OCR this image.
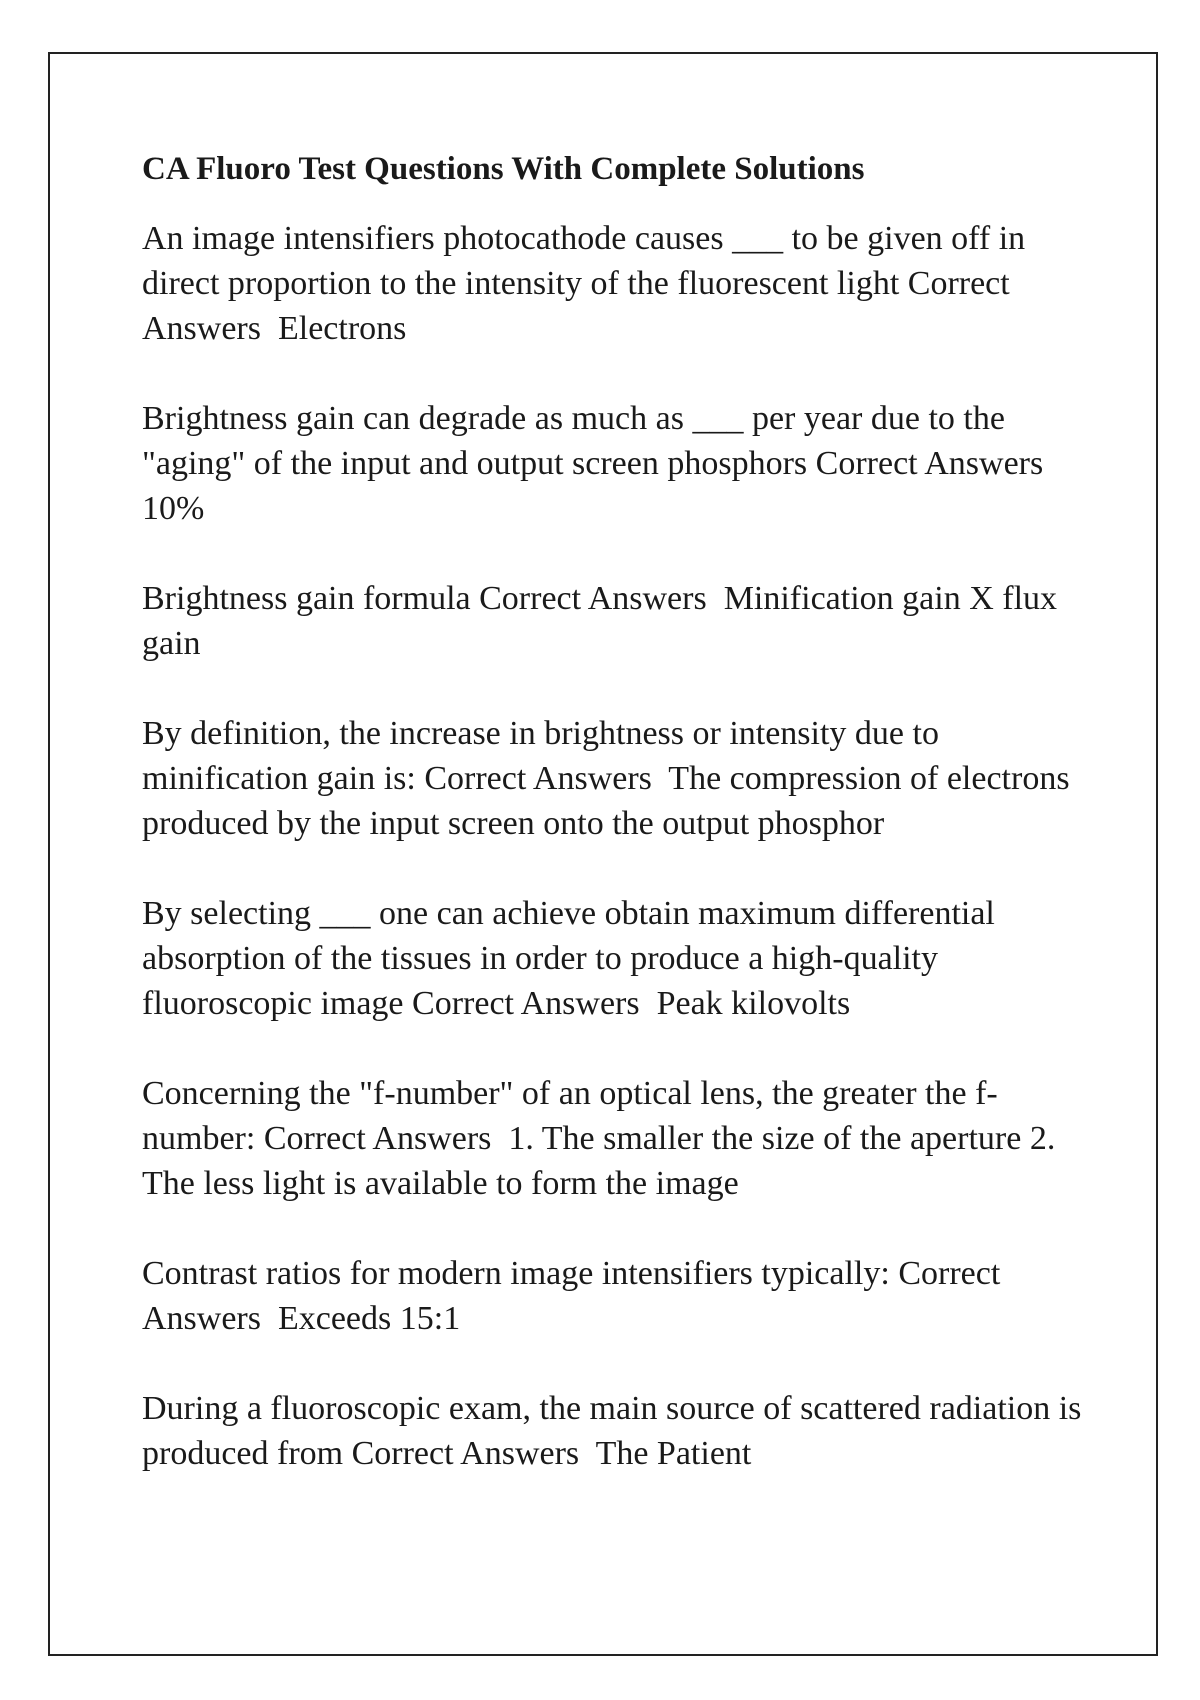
CA Fluoro Test Questions With Complete Solutions

An image intensifiers photocathode causes ___ to be given off in direct proportion to the intensity of the fluorescent light Correct Answers Electrons

Brightness gain can degrade as much as ___ per year due to the "aging" of the input and output screen phosphors Correct Answers  10%

Brightness gain formula Correct Answers Minification gain X flux gain

By definition, the increase in brightness or intensity due to minification gain is: Correct Answers The compression of electrons produced by the input screen onto the output phosphor

By selecting ___ one can achieve obtain maximum differential absorption of the tissues in order to produce a high-quality fluoroscopic image Correct Answers Peak kilovolts

Concerning the "f-number" of an optical lens, the greater the f-number: Correct Answers 1. The smaller the size of the aperture 2. The less light is available to form the image

Contrast ratios for modern image intensifiers typically: Correct Answers Exceeds 15:1

During a fluoroscopic exam, the main source of scattered radiation is produced from Correct Answers The Patient
